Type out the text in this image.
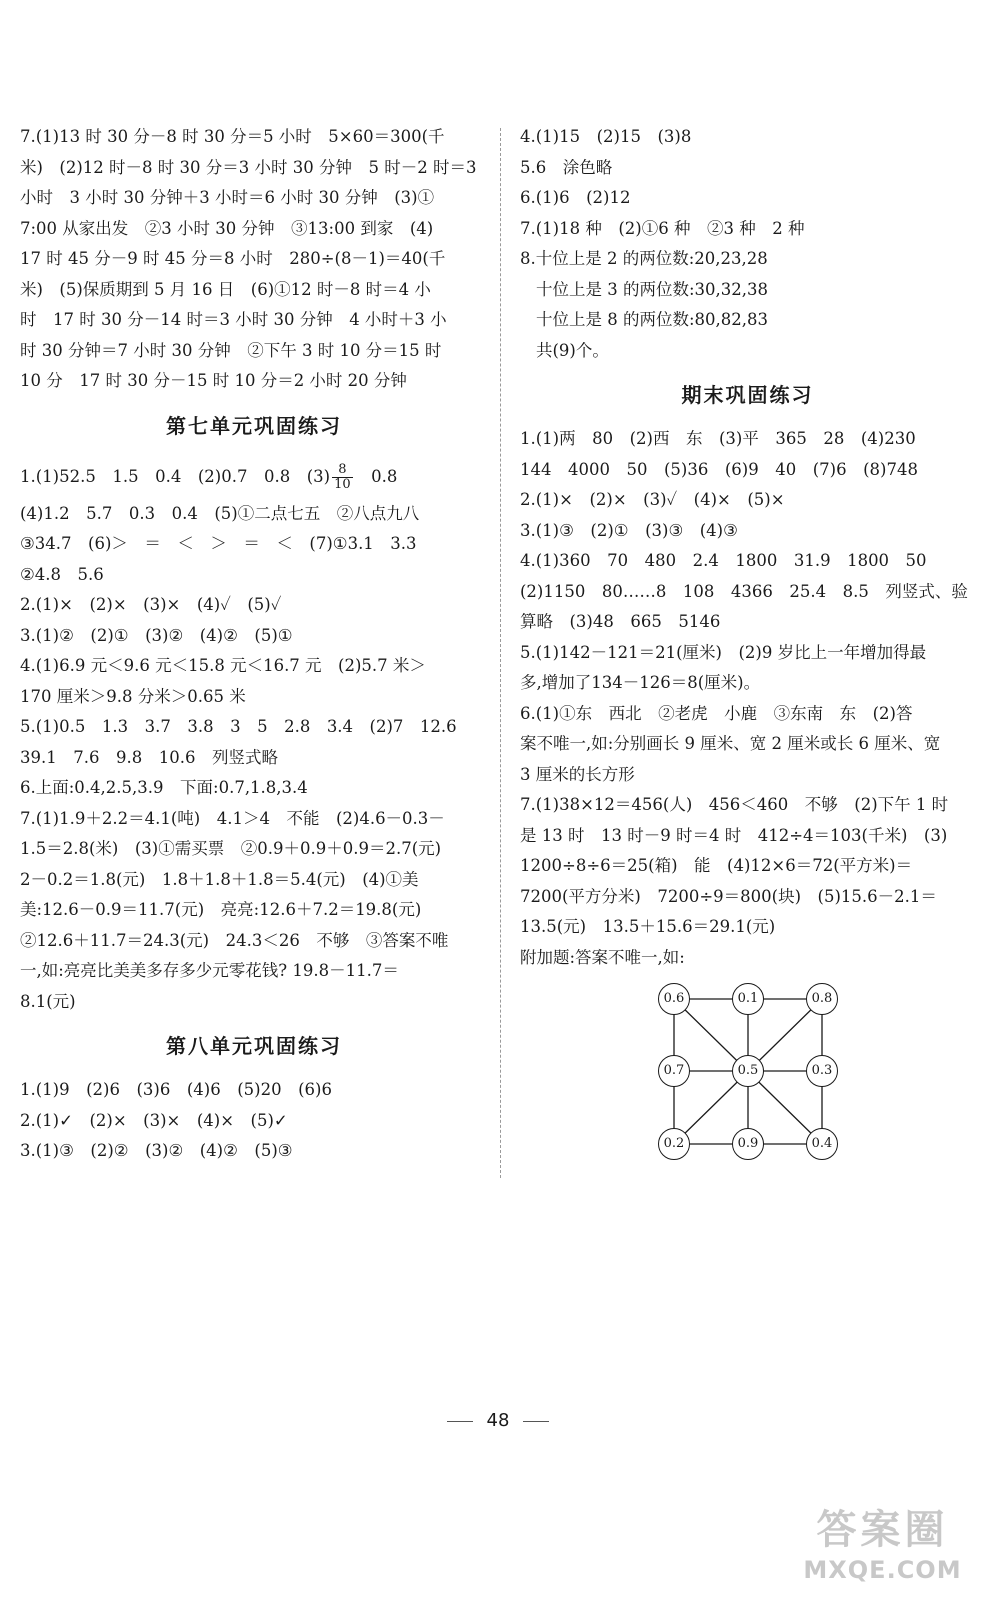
7.(1)13 时 30 分－8 时 30 分＝5 小时　5×60＝300(千
米)　(2)12 时－8 时 30 分＝3 小时 30 分钟　5 时－2 时＝3
小时　3 小时 30 分钟＋3 小时＝6 小时 30 分钟　(3)①
7:00 从家出发　②3 小时 30 分钟　③13:00 到家　(4)
17 时 45 分－9 时 45 分＝8 小时　280÷(8－1)＝40(千
米)　(5)保质期到 5 月 16 日　(6)①12 时－8 时＝4 小
时　17 时 30 分－14 时＝3 小时 30 分钟　4 小时＋3 小
时 30 分钟＝7 小时 30 分钟　②下午 3 时 10 分＝15 时
10 分　17 时 30 分－15 时 10 分＝2 小时 20 分钟
第七单元巩固练习
1.(1)52.5　1.5　0.4　(2)0.7　0.8　$(3) \frac{8}{10}$ 　0.8
(4)1.2　5.7　0.3　0.4　(5)①二点七五　②八点九八
③34.7　(6)＞　＝　＜　＞　＝　＜　(7)①3.1　3.3
②4.8　5.6
2.(1)×　(2)×　(3)×　(4)✓　(5)✓
3.(1)②　(2)①　(3)②　(4)②　(5)①
4.(1)6.9 元＜9.6 元＜15.8 元＜16.7 元　(2)5.7 米＞
170 厘米＞9.8 分米＞0.65 米
5.(1)0.5　1.3　3.7　3.8　3　5　2.8　3.4　(2)7　12.6
39.1　7.6　9.8　10.6　列竖式略
6.上面:0.4,2.5,3.9　下面:0.7,1.8,3.4
7.(1)1.9＋2.2＝4.1(吨)　4.1＞4　不能　(2)4.6－0.3－
1.5＝2.8(米)　(3)①需买票　②0.9＋0.9＋0.9＝2.7(元)
2－0.2＝1.8(元)　1.8＋1.8＋1.8＝5.4(元)　(4)①美
美:12.6－0.9＝11.7(元)　亮亮:12.6＋7.2＝19.8(元)
②12.6＋11.7＝24.3(元)　24.3＜26　不够　③答案不唯
一,如:亮亮比美美多存多少元零花钱? 19.8－11.7＝
8.1(元)
第八单元巩固练习
1.(1)9　(2)6　(3)6　(4)6　(5)20　(6)6
2.(1)✓　(2)×　(3)×　(4)×　(5)✓
3.(1)③　(2)②　(3)②　(4)②　(5)③
4.(1)15　(2)15　(3)8
5.6　涂色略
6.(1)6　(2)12
7.(1)18 种　(2)①6 种　②3 种　2 种
8.十位上是 2 的两位数:20,23,28
十位上是 3 的两位数:30,32,38
十位上是 8 的两位数:80,82,83
共(9)个。
期末巩固练习
1.(1)两　80　(2)西　东　(3)平　365　28　(4)230
144　4000　50　(5)36　(6)9　40　(7)6　(8)748
2.(1)×　(2)×　(3)✓　(4)×　(5)×
3.(1)③　(2)①　(3)③　(4)③
4.(1)360　70　480　2.4　1800　31.9　1800　50
(2)1150　80……8　108　4366　25.4　8.5　列竖式、验
算略　(3)48　665　5146
5.(1)142－121＝21(厘米)　(2)9 岁比上一年增加得最
多,增加了134－126＝8(厘米)。
6.(1)①东　西北　②老虎　小鹿　③东南　东　(2)答
案不唯一,如:分别画长 9 厘米、宽 2 厘米或长 6 厘米、宽
3 厘米的长方形
7.(1)38×12＝456(人)　456＜460　不够　(2)下午 1 时
是 13 时　13 时－9 时＝4 时　412÷4＝103(千米)　(3)
1200÷8÷6＝25(箱)　能　(4)12×6＝72(平方米)＝
7200(平方分米)　7200÷9＝800(块)　(5)15.6－2.1＝
13.5(元)　13.5＋15.6＝29.1(元)
附加题:答案不唯一,如:
0.6	0.1	0.8
0.7	0.5	0.3
0.2	0.9	0.4
48
答案圈
MXQE.COM
